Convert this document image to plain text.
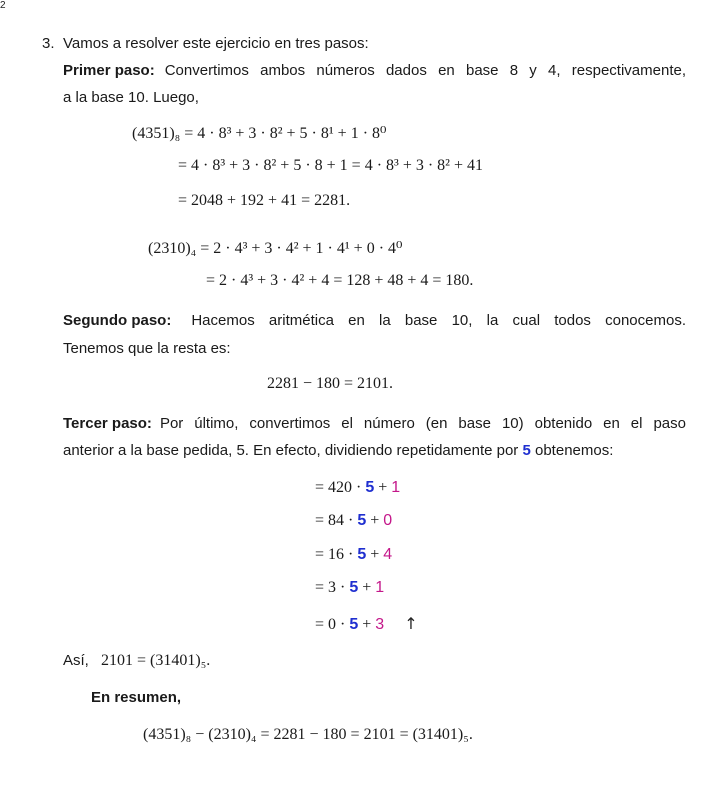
2
3. Vamos a resolver este ejercicio en tres pasos:
Primer paso: Convertimos ambos números dados en base 8 y 4, respectivamente,
a la base 10. Luego,
(4351)₈ = 4 · 8³ + 3 · 8² + 5 · 8¹ + 1 · 8⁰
= 4 · 8³ + 3 · 8² + 5 · 8 + 1 = 4 · 8³ + 3 · 8² + 41
= 2048 + 192 + 41 = 2281.
(2310)₄ = 2 · 4³ + 3 · 4² + 1 · 4¹ + 0 · 4⁰
= 2 · 4³ + 3 · 4² + 4 = 128 + 48 + 4 = 180.
Segundo paso: Hacemos aritmética en la base 10, la cual todos conocemos.
Tenemos que la resta es:
2281 − 180 = 2101.
Tercer paso: Por último, convertimos el número (en base 10) obtenido en el paso
anterior a la base pedida, 5. En efecto, dividiendo repetidamente por 5 obtenemos:
= 420 · 5 + 1
= 84 · 5 + 0
= 16 · 5 + 4
= 3 · 5 + 1
= 0 · 5 + 3 ↑
Así, 2101 = (31401)₅.
En resumen,
(4351)₈ − (2310)₄ = 2281 − 180 = 2101 = (31401)₅.
